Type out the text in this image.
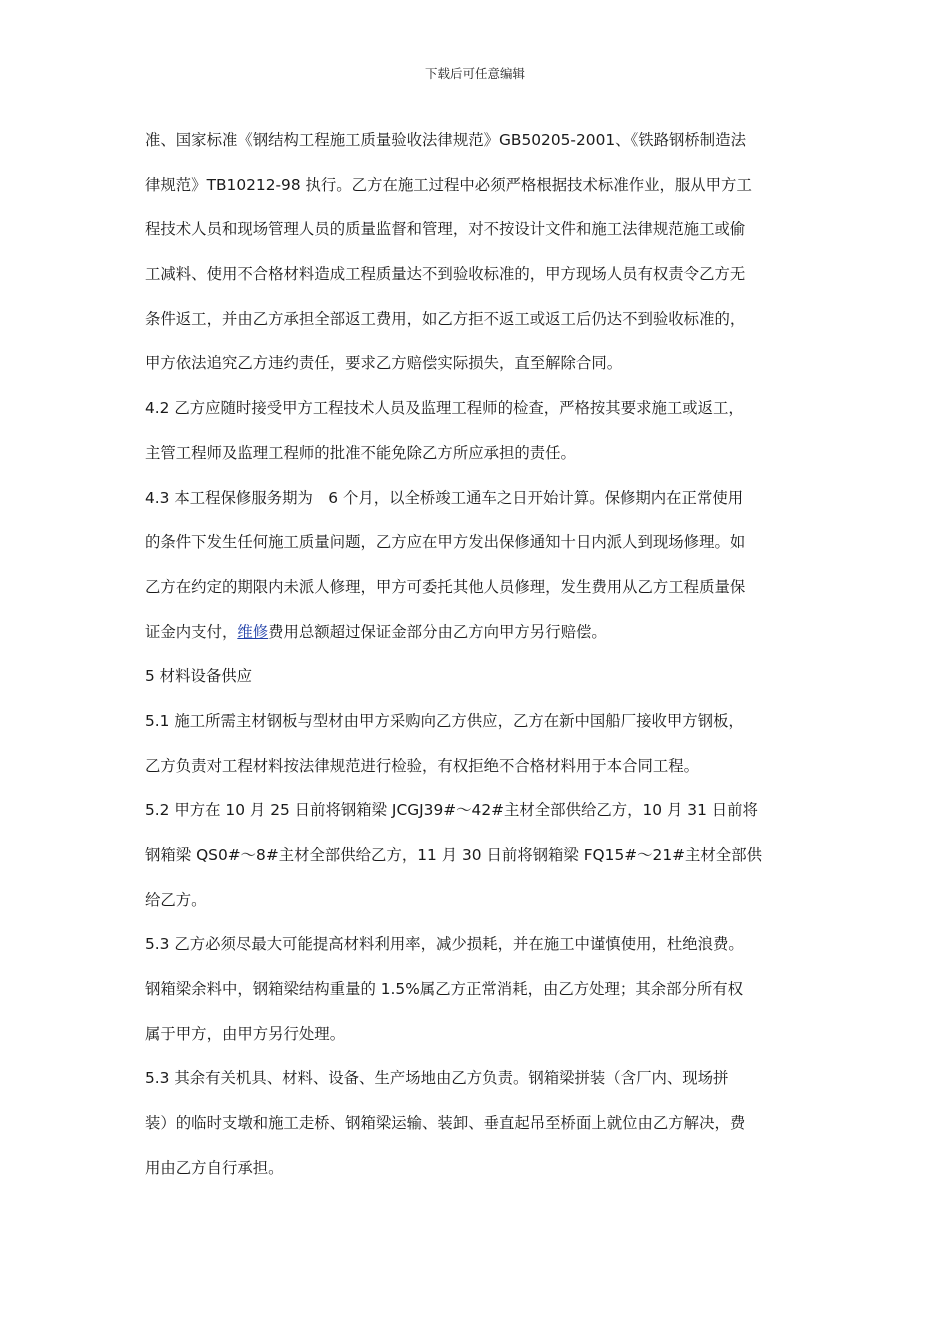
下载后可任意编辑
准、国家标准《钢结构工程施工质量验收法律规范》GB50205-2001、《铁路钢桥制造法
律规范》TB10212-98 执行。乙方在施工过程中必须严格根据技术标准作业，服从甲方工
程技术人员和现场管理人员的质量监督和管理，对不按设计文件和施工法律规范施工或偷
工减料、使用不合格材料造成工程质量达不到验收标准的，甲方现场人员有权责令乙方无
条件返工，并由乙方承担全部返工费用，如乙方拒不返工或返工后仍达不到验收标准的，
甲方依法追究乙方违约责任，要求乙方赔偿实际损失，直至解除合同。
4.2 乙方应随时接受甲方工程技术人员及监理工程师的检查，严格按其要求施工或返工，
主管工程师及监理工程师的批准不能免除乙方所应承担的责任。
4.3 本工程保修服务期为　6 个月，以全桥竣工通车之日开始计算。保修期内在正常使用
的条件下发生任何施工质量问题，乙方应在甲方发出保修通知十日内派人到现场修理。如
乙方在约定的期限内未派人修理，甲方可委托其他人员修理，发生费用从乙方工程质量保
证金内支付，维修费用总额超过保证金部分由乙方向甲方另行赔偿。
5 材料设备供应
5.1 施工所需主材钢板与型材由甲方采购向乙方供应，乙方在新中国船厂接收甲方钢板，
乙方负责对工程材料按法律规范进行检验，有权拒绝不合格材料用于本合同工程。
5.2 甲方在 10 月 25 日前将钢箱梁 JCGJ39#～42#主材全部供给乙方，10 月 31 日前将
钢箱梁 QS0#～8#主材全部供给乙方，11 月 30 日前将钢箱梁 FQ15#～21#主材全部供
给乙方。
5.3 乙方必须尽最大可能提高材料利用率，减少损耗，并在施工中谨慎使用，杜绝浪费。
钢箱梁余料中，钢箱梁结构重量的 1.5%属乙方正常消耗，由乙方处理；其余部分所有权
属于甲方，由甲方另行处理。
5.3 其余有关机具、材料、设备、生产场地由乙方负责。钢箱梁拼装（含厂内、现场拼
装）的临时支墩和施工走桥、钢箱梁运输、装卸、垂直起吊至桥面上就位由乙方解决，费
用由乙方自行承担。
